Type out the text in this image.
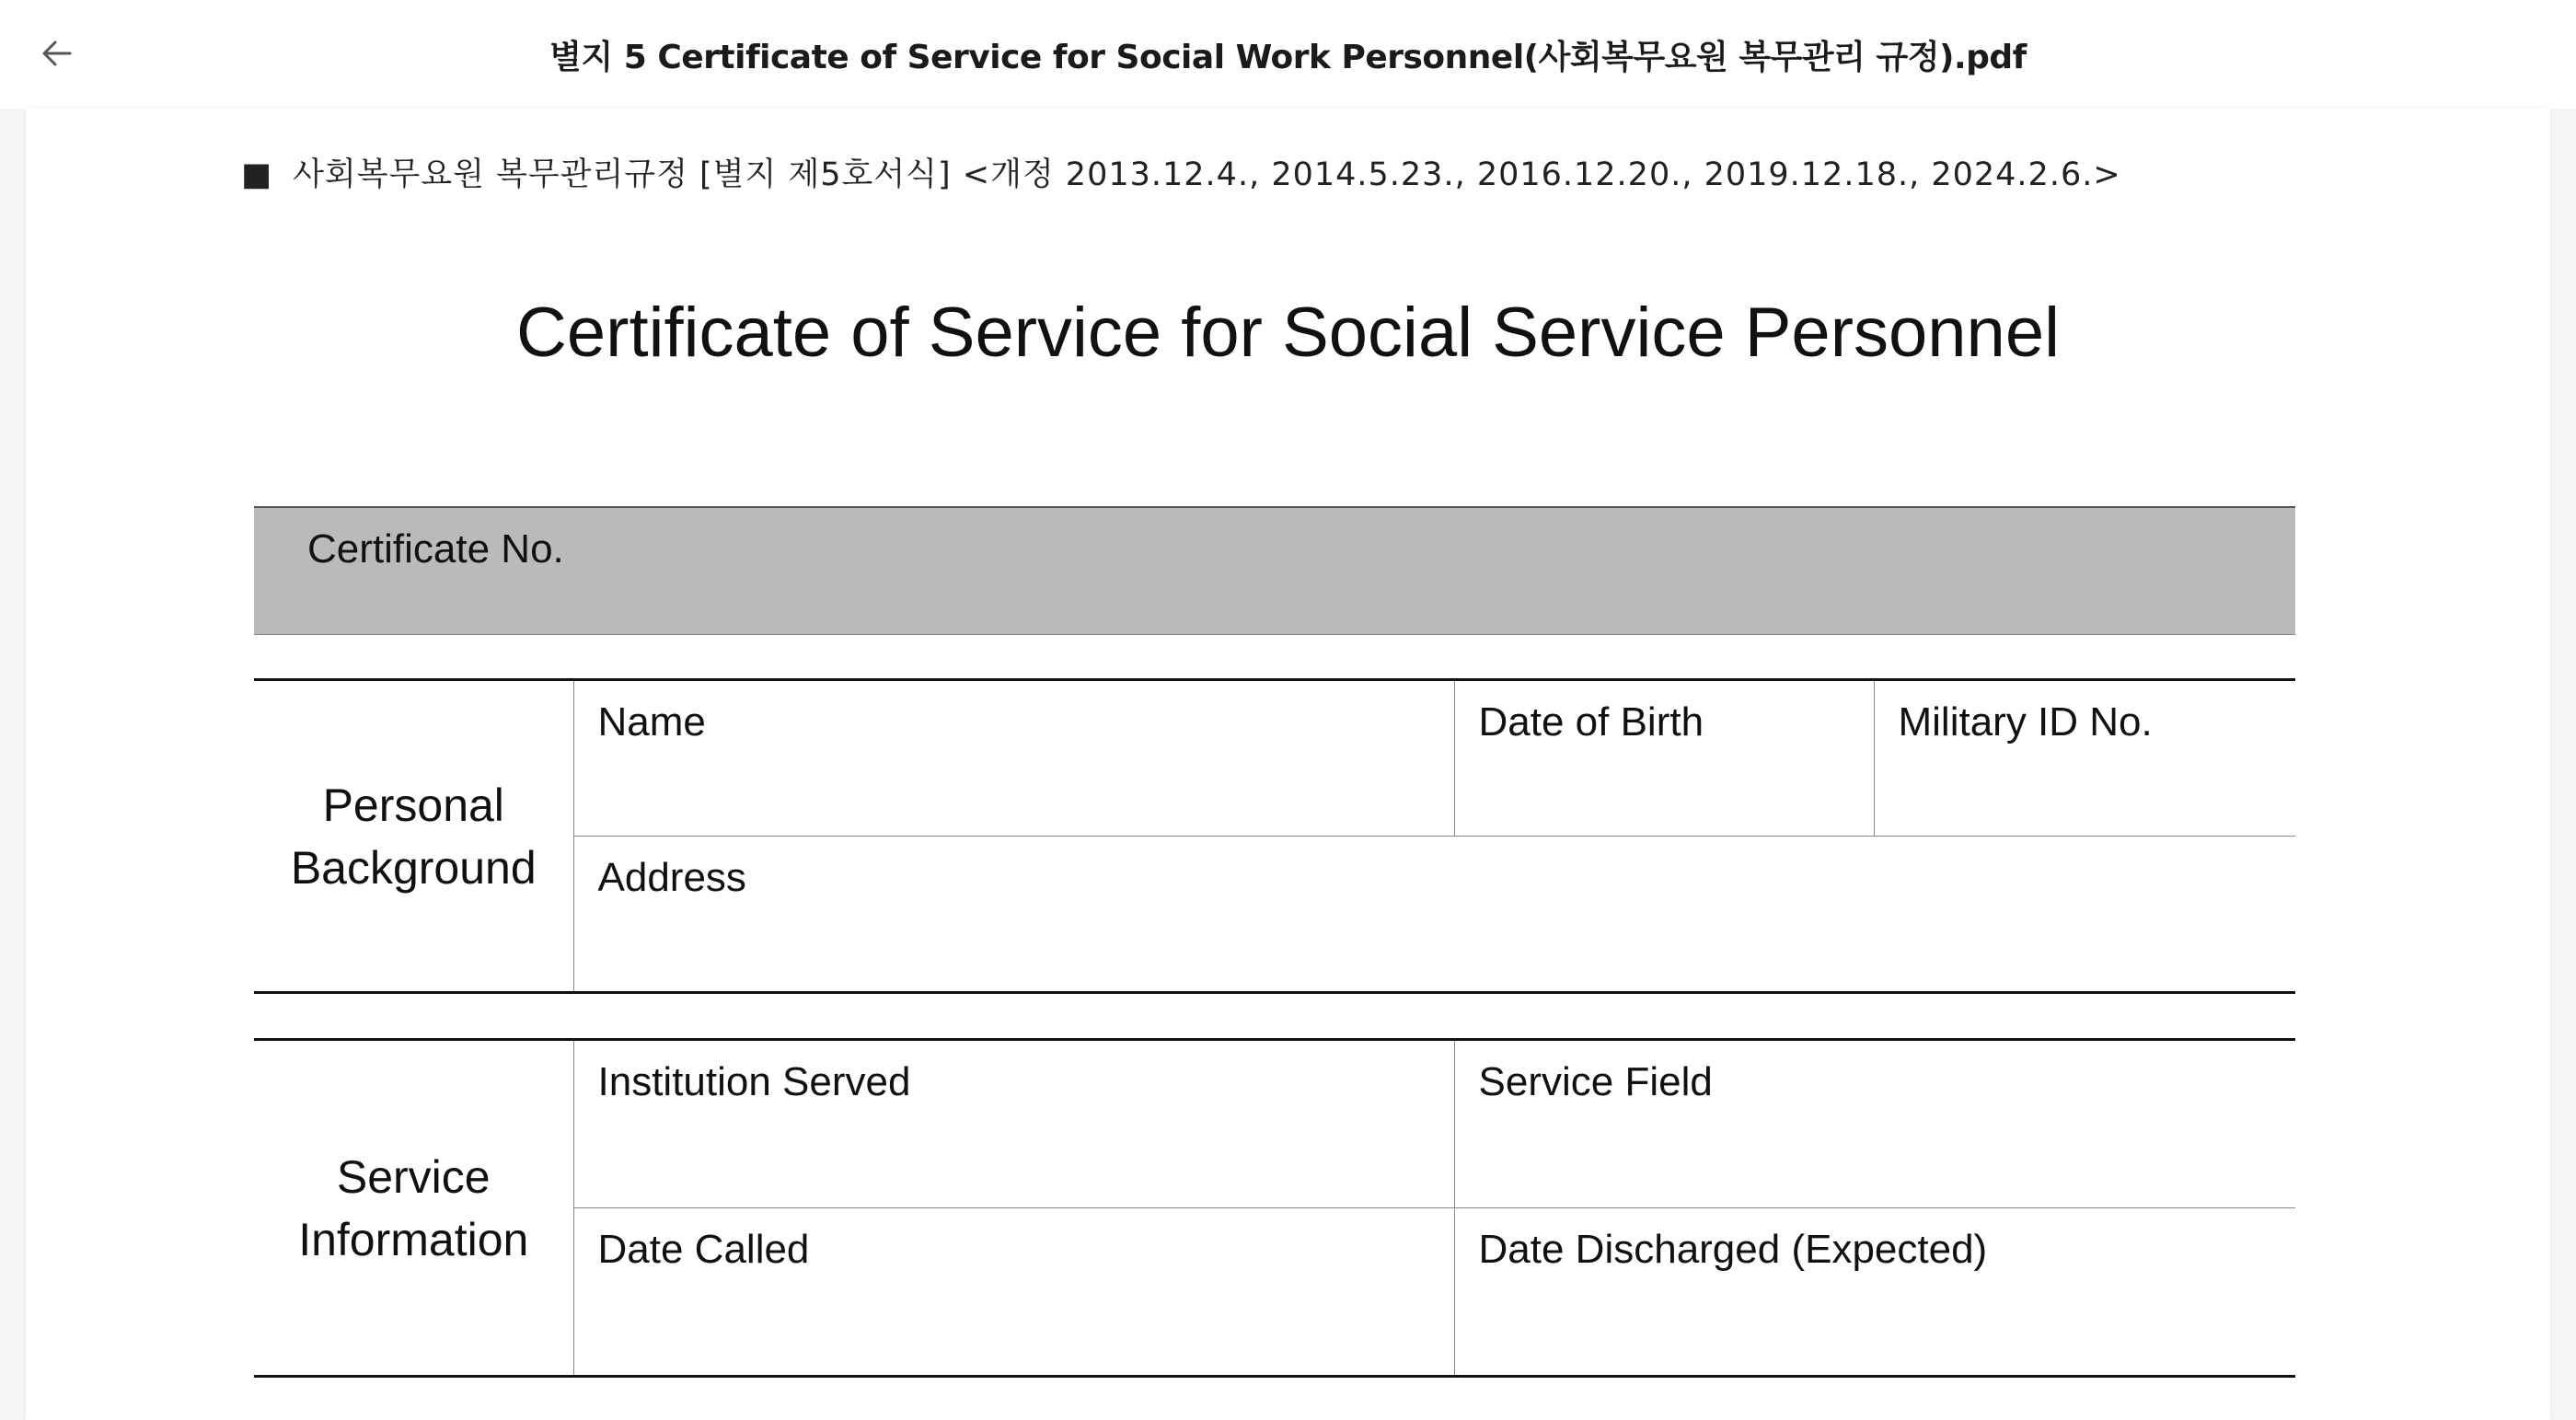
별지 5 Certificate of Service for Social Work Personnel(사회복무요원 복무관리 규정).pdf
■ 사회복무요원 복무관리규정 [별지 제5호서식] <개정 2013.12.4., 2014.5.23., 2016.12.20., 2019.12.18., 2024.2.6.>
Certificate of Service for Social Service Personnel
Certificate No.
Personal
Background
	Name	Date of Birth	Military ID No.
Address
Service
Information	Institution Served	Service Field
	Date Called	Date Discharged (Expected)
